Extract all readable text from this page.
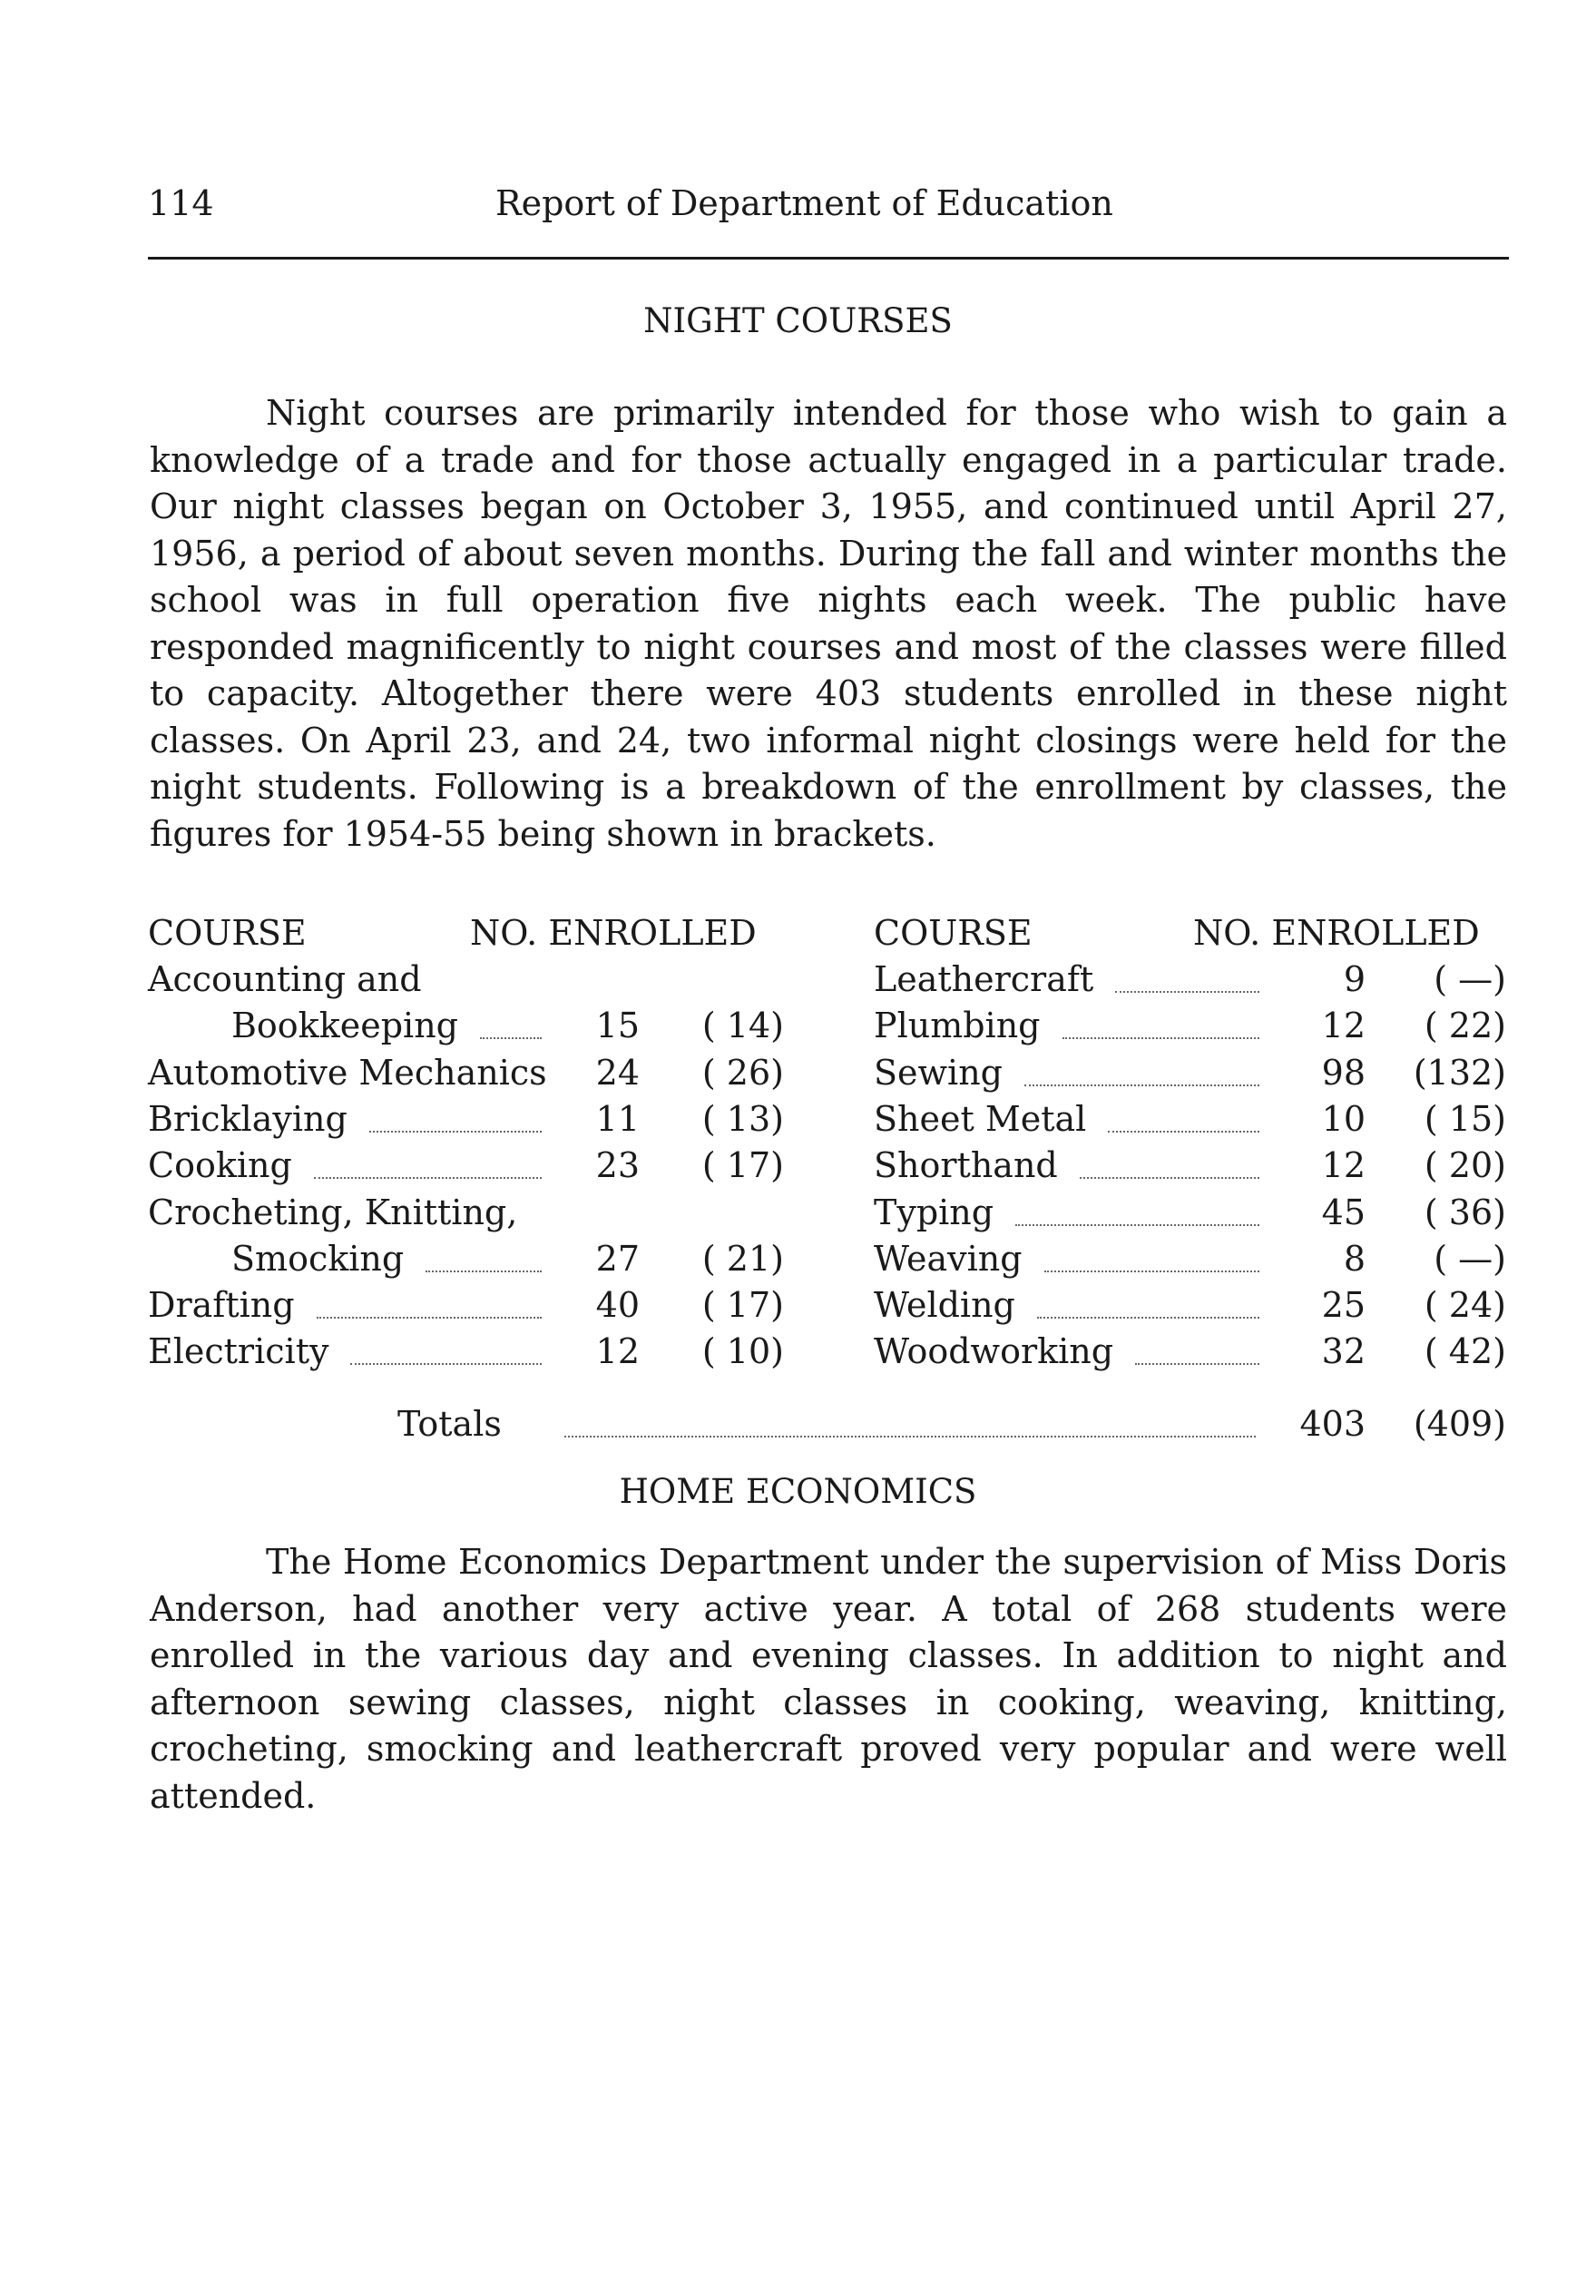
114	Report of Department of Education
NIGHT COURSES

Night courses are primarily intended for those who wish to gain a knowledge of a trade and for those actually engaged in a particular trade. Our night classes began on October 3, 1955, and continued until April 27, 1956, a period of about seven months. During the fall and winter months the school was in full operation five nights each week. The public have responded magnificently to night courses and most of the classes were filled to capacity. Altogether there were 403 students enrolled in these night classes. On April 23, and 24, two informal night closings were held for the night students. Following is a breakdown of the enrollment by classes, the figures for 1954-55 being shown in brackets.

COURSE	NO. ENROLLED	COURSE	NO. ENROLLED
Accounting and
Bookkeeping	15	( 14)
Automotive Mechanics	24	( 26)
Bricklaying	11	( 13)
Cooking	23	( 17)
Crocheting, Knitting,
Smocking	27	( 21)
Drafting	40	( 17)
Electricity	12	( 10)
Leathercraft	9	( —)
Plumbing	12	( 22)
Sewing	98	(132)
Sheet Metal	10	( 15)
Shorthand	12	( 20)
Typing	45	( 36)
Weaving	8	( —)
Welding	25	( 24)
Woodworking	32	( 42)
Totals	403	(409)
HOME ECONOMICS

The Home Economics Department under the supervision of Miss Doris Anderson, had another very active year. A total of 268 students were enrolled in the various day and evening classes. In addition to night and afternoon sewing classes, night classes in cooking, weaving, knitting, crocheting, smocking and leathercraft proved very popular and were well attended.
